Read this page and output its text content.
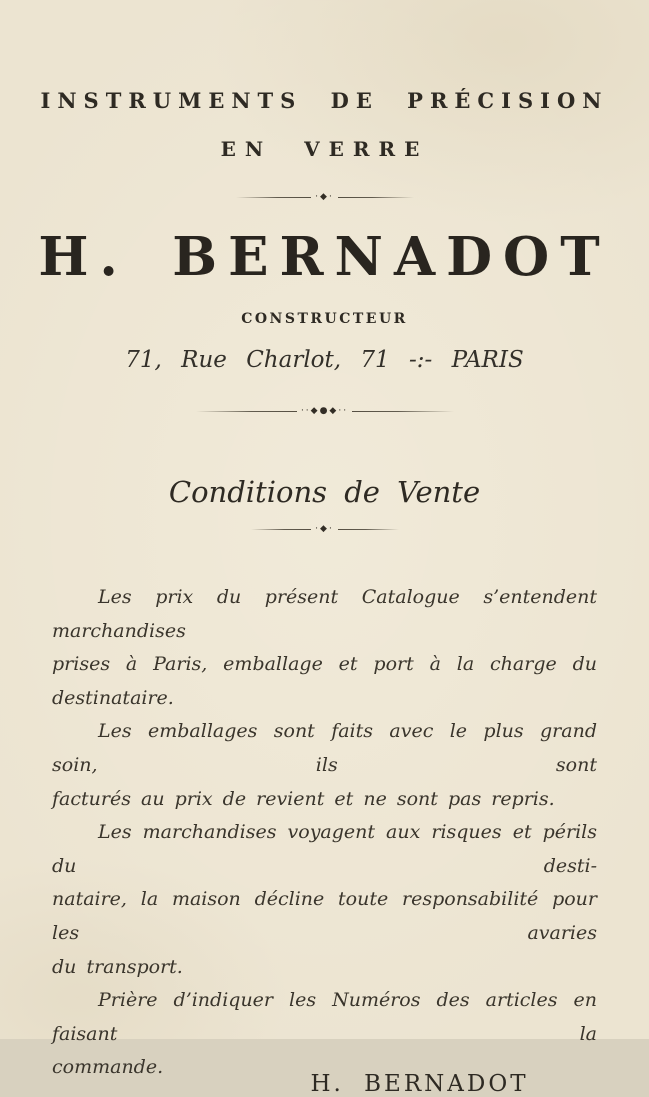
INSTRUMENTS DE PRÉCISION
EN VERRE
·◆·
H. BERNADOT
CONSTRUCTEUR
71, Rue Charlot, 71 -:- PARIS
··◆●◆··
Conditions de Vente
·◆·
Les prix du présent Catalogue s’entendent marchandises
prises à Paris, emballage et port à la charge du destinataire.
Les emballages sont faits avec le plus grand soin, ils sont
facturés au prix de revient et ne sont pas repris.
Les marchandises voyagent aux risques et périls du desti-
nataire, la maison décline toute responsabilité pour les avaries
du transport.
Prière d’indiquer les Numéros des articles en faisant la
commande.
H. BERNADOT
